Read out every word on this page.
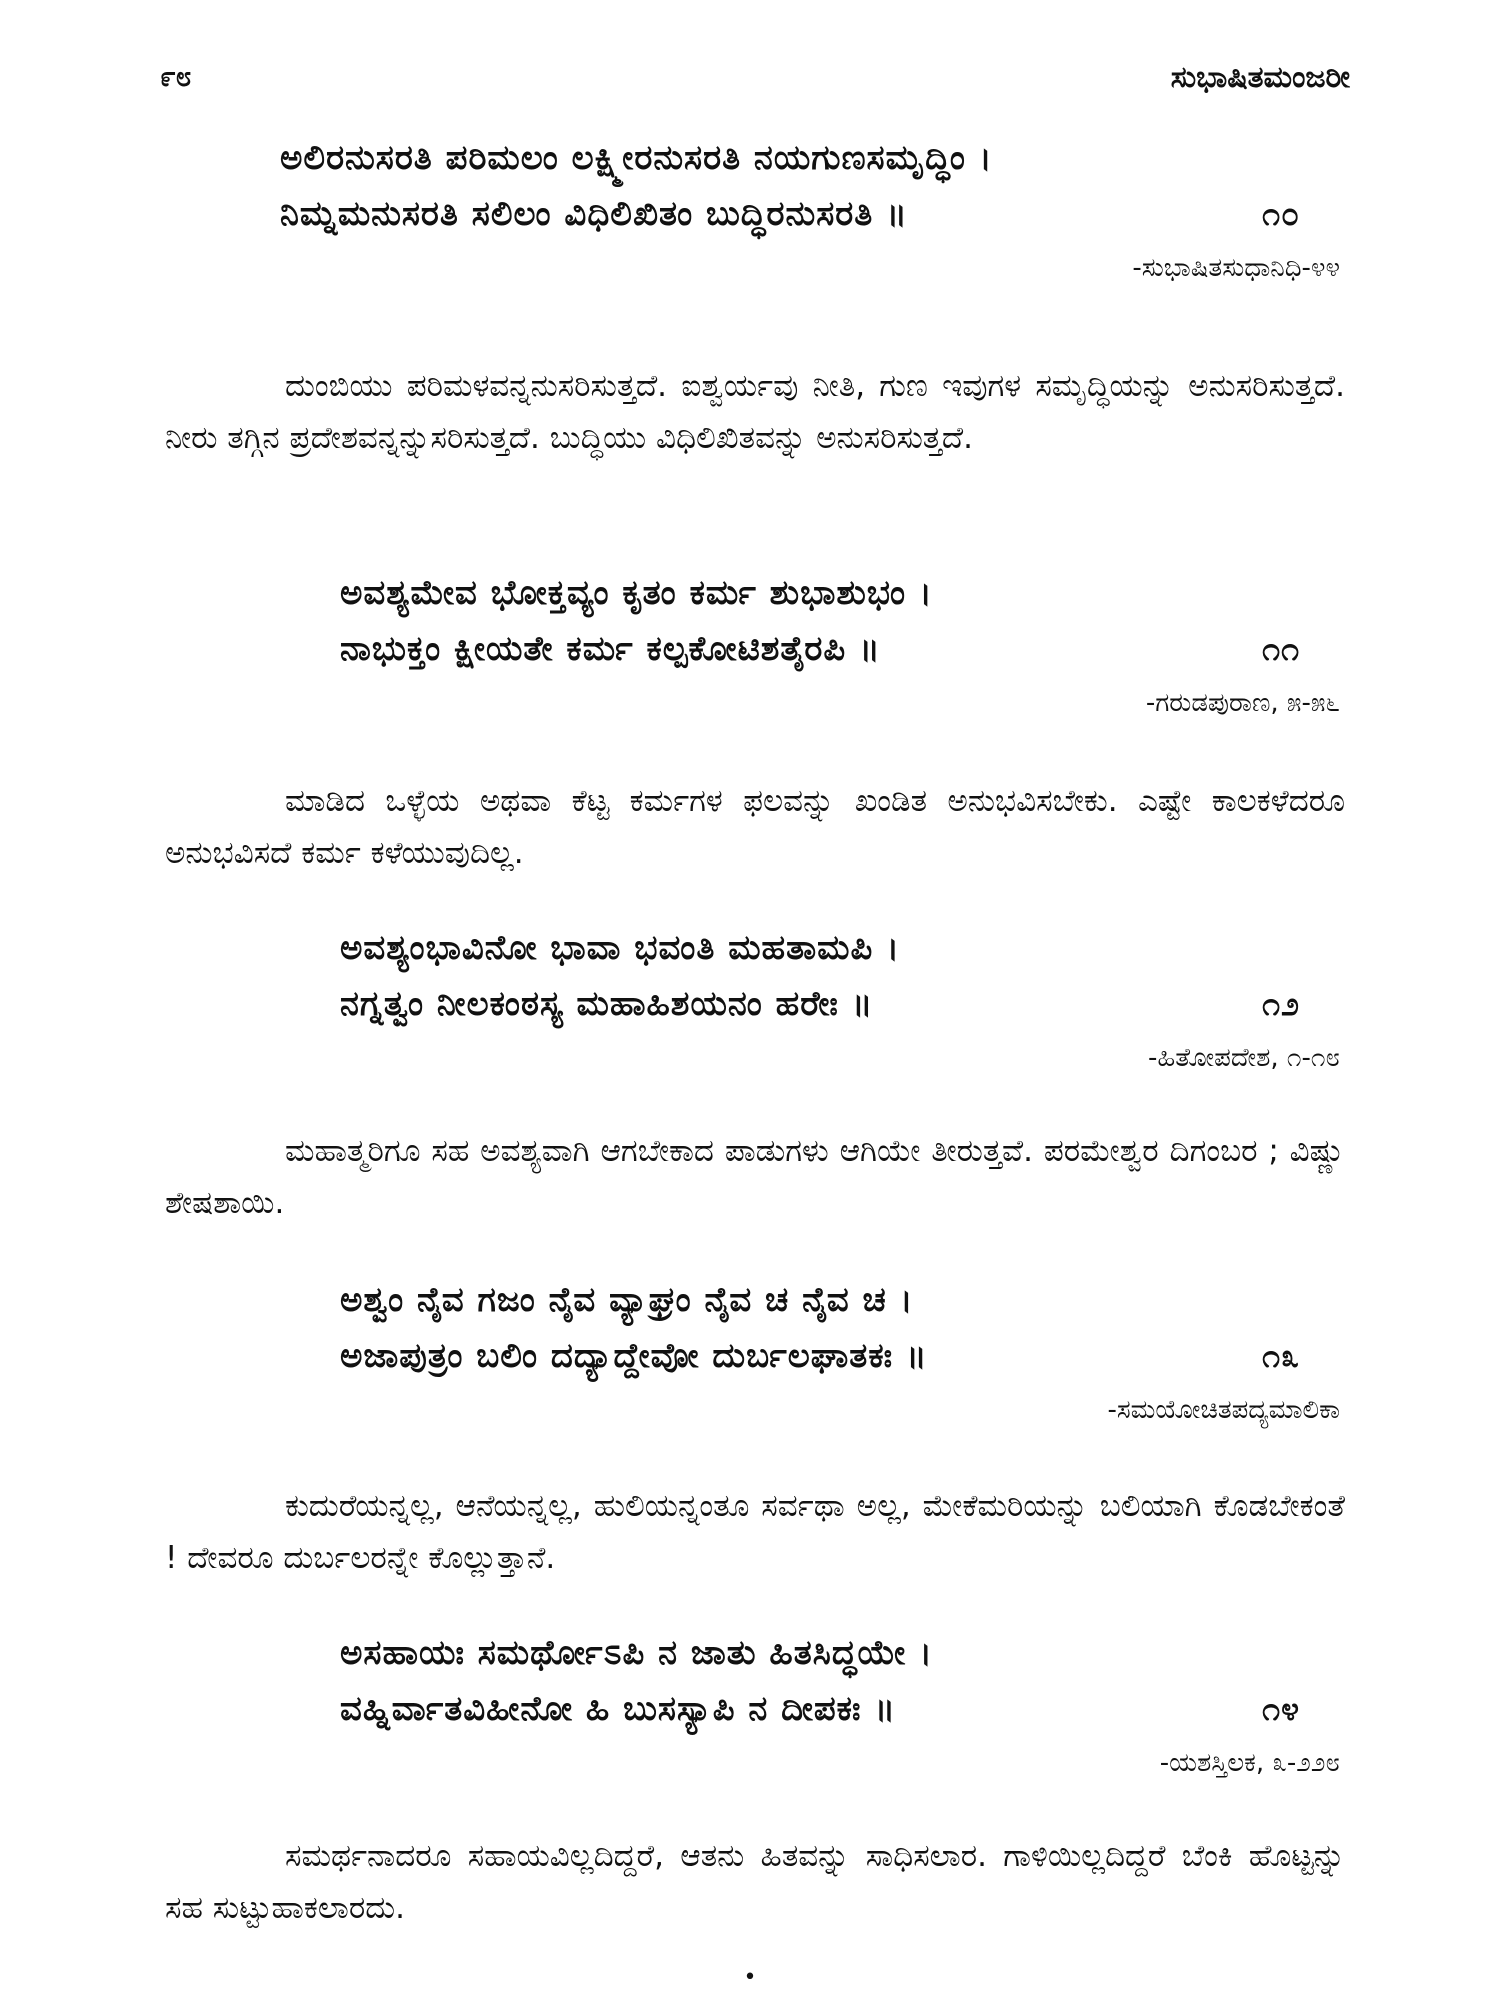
೯೮	ಸುಭಾಷಿತಮಂಜರೀ
ಅಲಿರನುಸರತಿ ಪರಿಮಲಂ ಲಕ್ಷ್ಮೀರನುಸರತಿ ನಯಗುಣಸಮೃದ್ಧಿಂ ।
ನಿಮ್ನಮನುಸರತಿ ಸಲಿಲಂ ವಿಧಿಲಿಖಿತಂ ಬುದ್ಧಿರನುಸರತಿ ॥	೧೦
-ಸುಭಾಷಿತಸುಧಾನಿಧಿ-೪೪
ದುಂಬಿಯು ಪರಿಮಳವನ್ನನುಸರಿಸುತ್ತದೆ. ಐಶ್ವರ್ಯವು ನೀತಿ, ಗುಣ ಇವುಗಳ ಸಮೃದ್ಧಿಯನ್ನು ಅನುಸರಿಸುತ್ತದೆ. ನೀರು ತಗ್ಗಿನ ಪ್ರದೇಶವನ್ನನ್ನುಸರಿಸುತ್ತದೆ. ಬುದ್ಧಿಯು ವಿಧಿಲಿಖಿತವನ್ನು ಅನುಸರಿಸುತ್ತದೆ.
ಅವಶ್ಯಮೇವ ಭೋಕ್ತವ್ಯಂ ಕೃತಂ ಕರ್ಮ ಶುಭಾಶುಭಂ ।
ನಾಭುಕ್ತಂ ಕ್ಷೀಯತೇ ಕರ್ಮ ಕಲ್ಪಕೋಟಿಶತೈರಪಿ ॥	೧೧
-ಗರುಡಪುರಾಣ, ೫-೫೬
ಮಾಡಿದ ಒಳ್ಳೆಯ ಅಥವಾ ಕೆಟ್ಟ ಕರ್ಮಗಳ ಫಲವನ್ನು ಖಂಡಿತ ಅನುಭವಿಸಬೇಕು. ಎಷ್ಟೇ ಕಾಲಕಳೆದರೂ ಅನುಭವಿಸದೆ ಕರ್ಮ ಕಳೆಯುವುದಿಲ್ಲ.
ಅವಶ್ಯಂಭಾವಿನೋ ಭಾವಾ ಭವಂತಿ ಮಹತಾಮಪಿ ।
ನಗ್ನತ್ವಂ ನೀಲಕಂಠಸ್ಯ ಮಹಾಹಿಶಯನಂ ಹರೇಃ ॥	೧೨
-ಹಿತೋಪದೇಶ, ೧-೧೮
ಮಹಾತ್ಮರಿಗೂ ಸಹ ಅವಶ್ಯವಾಗಿ ಆಗಬೇಕಾದ ಪಾಡುಗಳು ಆಗಿಯೇ ತೀರುತ್ತವೆ. ಪರಮೇಶ್ವರ ದಿಗಂಬರ ; ವಿಷ್ಣು ಶೇಷಶಾಯಿ.
ಅಶ್ವಂ ನೈವ ಗಜಂ ನೈವ ವ್ಯಾಘ್ರಂ ನೈವ ಚ ನೈವ ಚ ।
ಅಜಾಪುತ್ರಂ ಬಲಿಂ ದದ್ಯಾದ್ದೇವೋ ದುರ್ಬಲಘಾತಕಃ ॥	೧೩
-ಸಮಯೋಚಿತಪದ್ಯಮಾಲಿಕಾ
ಕುದುರೆಯನ್ನಲ್ಲ, ಆನೆಯನ್ನಲ್ಲ, ಹುಲಿಯನ್ನಂತೂ ಸರ್ವಥಾ ಅಲ್ಲ, ಮೇಕೆಮರಿಯನ್ನು ಬಲಿಯಾಗಿ ಕೊಡಬೇಕಂತೆ ! ದೇವರೂ ದುರ್ಬಲರನ್ನೇ ಕೊಲ್ಲುತ್ತಾನೆ.
ಅಸಹಾಯಃ ಸಮರ್ಥೋಽಪಿ ನ ಜಾತು ಹಿತಸಿದ್ಧಯೇ ।
ವಹ್ನಿರ್ವಾತವಿಹೀನೋ ಹಿ ಬುಸಸ್ಯಾಪಿ ನ ದೀಪಕಃ ॥	೧೪
-ಯಶಸ್ತಿಲಕ, ೩-೨೨೮
ಸಮರ್ಥನಾದರೂ ಸಹಾಯವಿಲ್ಲದಿದ್ದರೆ, ಆತನು ಹಿತವನ್ನು ಸಾಧಿಸಲಾರ. ಗಾಳಿಯಿಲ್ಲದಿದ್ದರೆ ಬೆಂಕಿ ಹೊಟ್ಟನ್ನು ಸಹ ಸುಟ್ಟುಹಾಕಲಾರದು.
•
